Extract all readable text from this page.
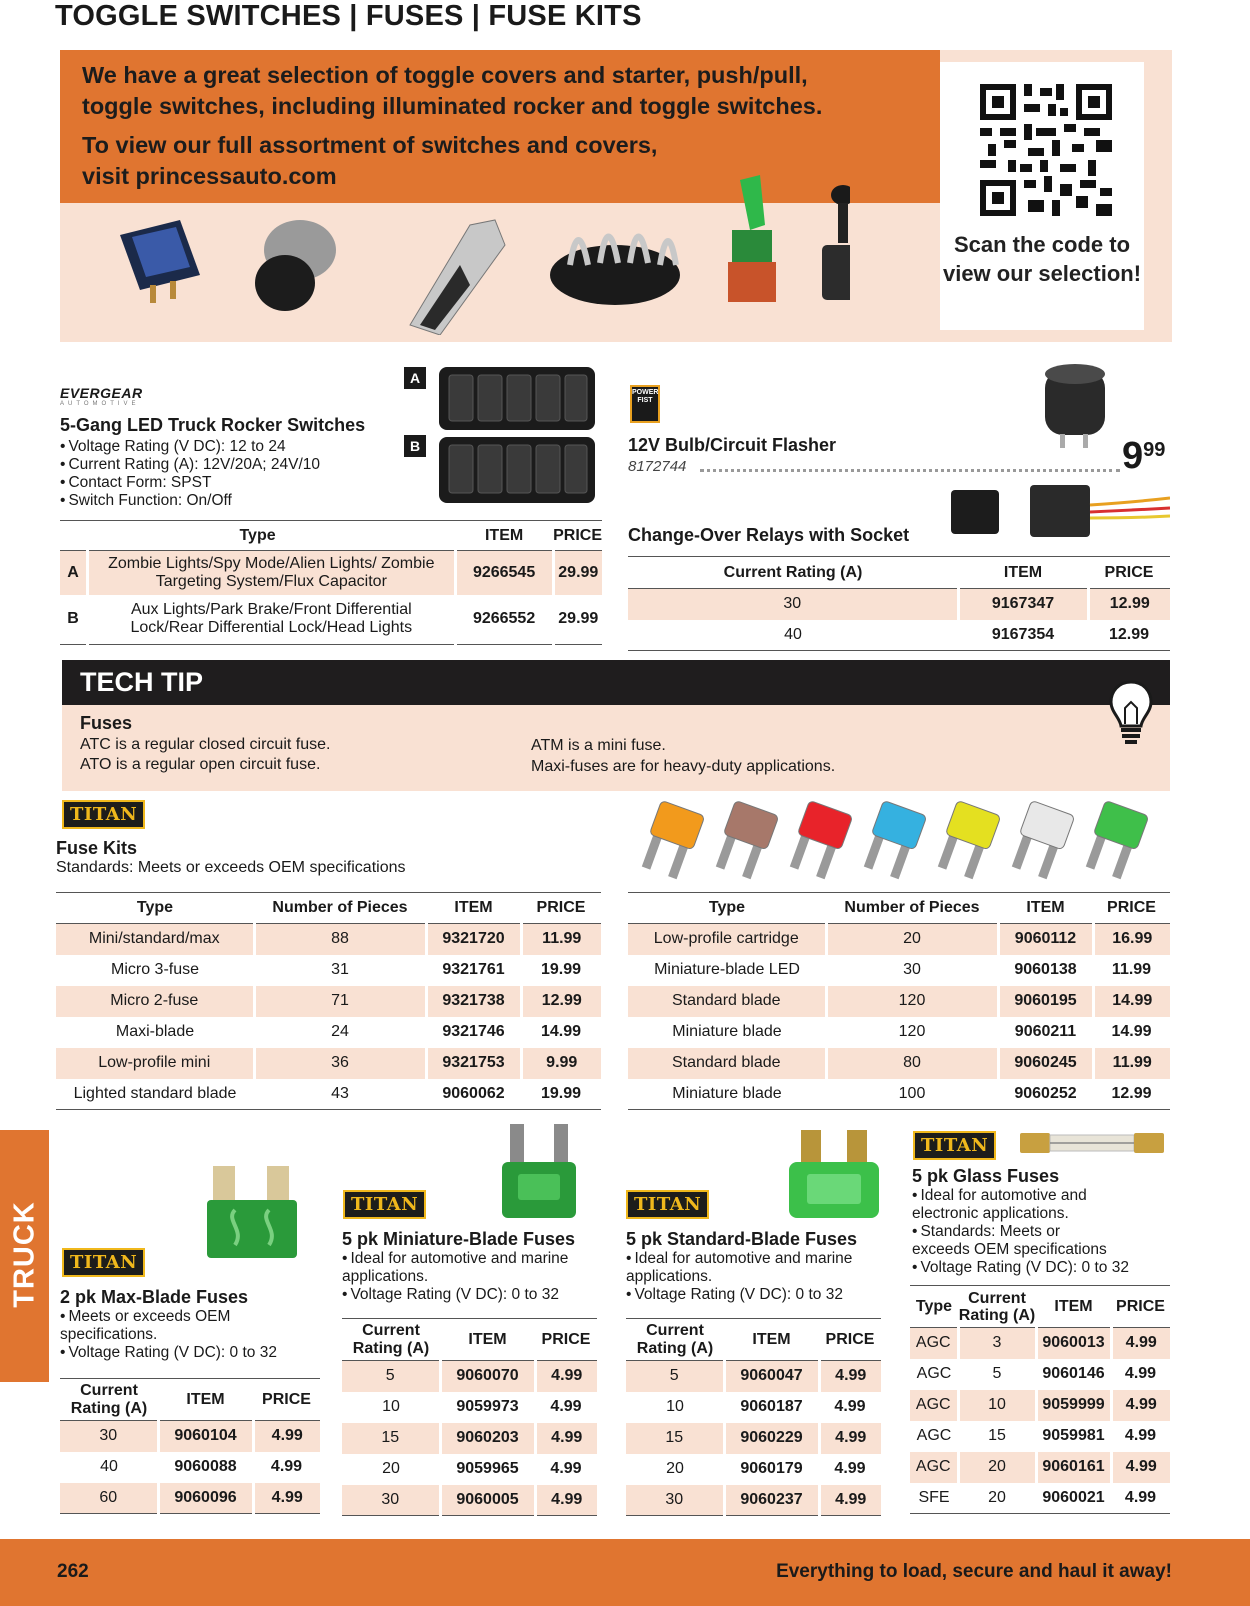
TOGGLE SWITCHES | FUSES | FUSE KITS

We have a great selection of toggle covers and starter, push/pull, toggle switches, including illuminated rocker and toggle switches.

To view our full assortment of switches and covers, visit princessauto.com

Scan the code to view our selection!
EVERGEAR
AUTOMOTIVE
5-Gang LED Truck Rocker Switches
• Voltage Rating (V DC): 12 to 24
• Current Rating (A): 12V/20A; 24V/10
• Contact Form: SPST
• Switch Function: On/Off
A
B
Type		ITEM	PRICE
A	Zombie Lights/Spy Mode/Alien Lights/ Zombie Targeting System/Flux Capacitor	9266545	29.99
B	Aux Lights/Park Brake/Front Differential Lock/Rear Differential Lock/Head Lights	9266552	29.99
POWER FIST
12V Bulb/Circuit Flasher
8172744	999
Change-Over Relays with Socket
Current Rating (A)	ITEM	PRICE
30	9167347	12.99
40	9167354	12.99
TECH TIP
Fuses
ATC is a regular closed circuit fuse.
ATO is a regular open circuit fuse.
ATM is a mini fuse.
Maxi-fuses are for heavy-duty applications.
TITAN
Fuse Kits
Standards: Meets or exceeds OEM specifications
Type	Number of Pieces	ITEM	PRICE
Mini/standard/max	88	9321720	11.99
Micro 3-fuse	31	9321761	19.99
Micro 2-fuse	71	9321738	12.99
Maxi-blade	24	9321746	14.99
Low-profile mini	36	9321753	9.99
Lighted standard blade	43	9060062	19.99
Type	Number of Pieces	ITEM	PRICE
Low-profile cartridge	20	9060112	16.99
Miniature-blade LED	30	9060138	11.99
Standard blade	120	9060195	14.99
Miniature blade	120	9060211	14.99
Standard blade	80	9060245	11.99
Miniature blade	100	9060252	12.99
TRUCK	TITAN
2 pk Max-Blade Fuses
• Meets or exceeds OEM specifications.
• Voltage Rating (V DC): 0 to 32
Current Rating (A)	ITEM	PRICE
30	9060104	4.99
40	9060088	4.99
60	9060096	4.99
TITAN
5 pk Miniature-Blade Fuses
• Ideal for automotive and marine applications.
• Voltage Rating (V DC): 0 to 32
Current Rating (A)	ITEM	PRICE
5	9060070	4.99
10	9059973	4.99
15	9060203	4.99
20	9059965	4.99
30	9060005	4.99
TITAN
5 pk Standard-Blade Fuses
• Ideal for automotive and marine applications.
• Voltage Rating (V DC): 0 to 32
Current Rating (A)	ITEM	PRICE
5	9060047	4.99
10	9060187	4.99
15	9060229	4.99
20	9060179	4.99
30	9060237	4.99
TITAN
5 pk Glass Fuses
• Ideal for automotive and electronic applications.
• Standards: Meets or exceeds OEM specifications
• Voltage Rating (V DC): 0 to 32
Type	Current Rating (A)	ITEM	PRICE
AGC	3	9060013	4.99
AGC	5	9060146	4.99
AGC	10	9059999	4.99
AGC	15	9059981	4.99
AGC	20	9060161	4.99
SFE	20	9060021	4.99
262	Everything to load, secure and haul it away!
